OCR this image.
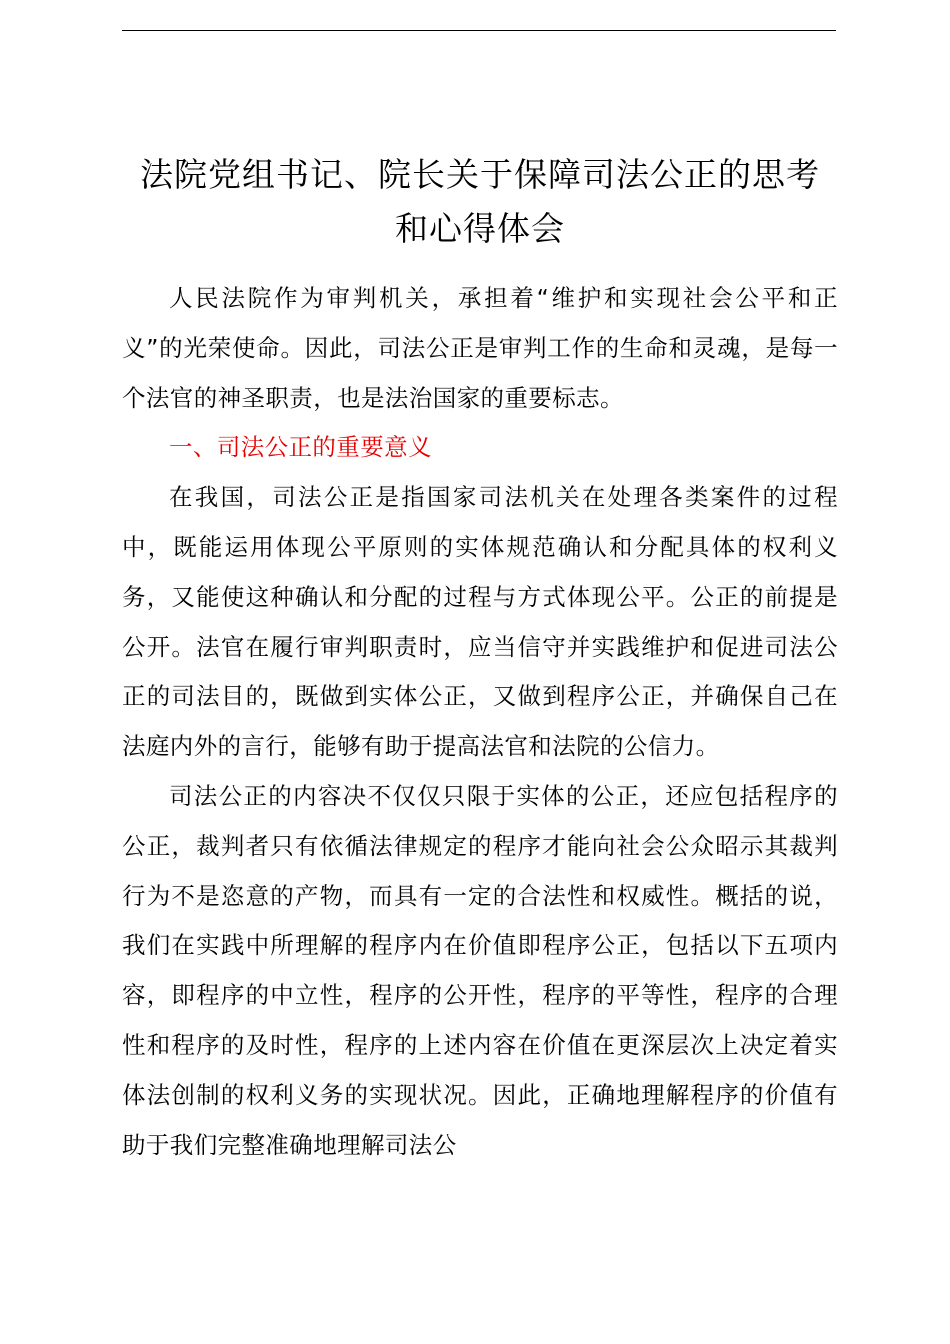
法院党组书记、院长关于保障司法公正的思考
和心得体会

人民法院作为审判机关，承担着“维护和实现社会公平和正义”的光荣使命。因此，司法公正是审判工作的生命和灵魂，是每一个法官的神圣职责，也是法治国家的重要标志。

一、司法公正的重要意义

在我国，司法公正是指国家司法机关在处理各类案件的过程中，既能运用体现公平原则的实体规范确认和分配具体的权利义务，又能使这种确认和分配的过程与方式体现公平。公正的前提是公开。法官在履行审判职责时，应当信守并实践维护和促进司法公正的司法目的，既做到实体公正，又做到程序公正，并确保自己在法庭内外的言行，能够有助于提高法官和法院的公信力。

司法公正的内容决不仅仅只限于实体的公正，还应包括程序的公正，裁判者只有依循法律规定的程序才能向社会公众昭示其裁判行为不是恣意的产物，而具有一定的合法性和权威性。概括的说，我们在实践中所理解的程序内在价值即程序公正，包括以下五项内容，即程序的中立性，程序的公开性，程序的平等性，程序的合理性和程序的及时性，程序的上述内容在价值在更深层次上决定着实体法创制的权利义务的实现状况。因此，正确地理解程序的价值有助于我们完整准确地理解司法公
